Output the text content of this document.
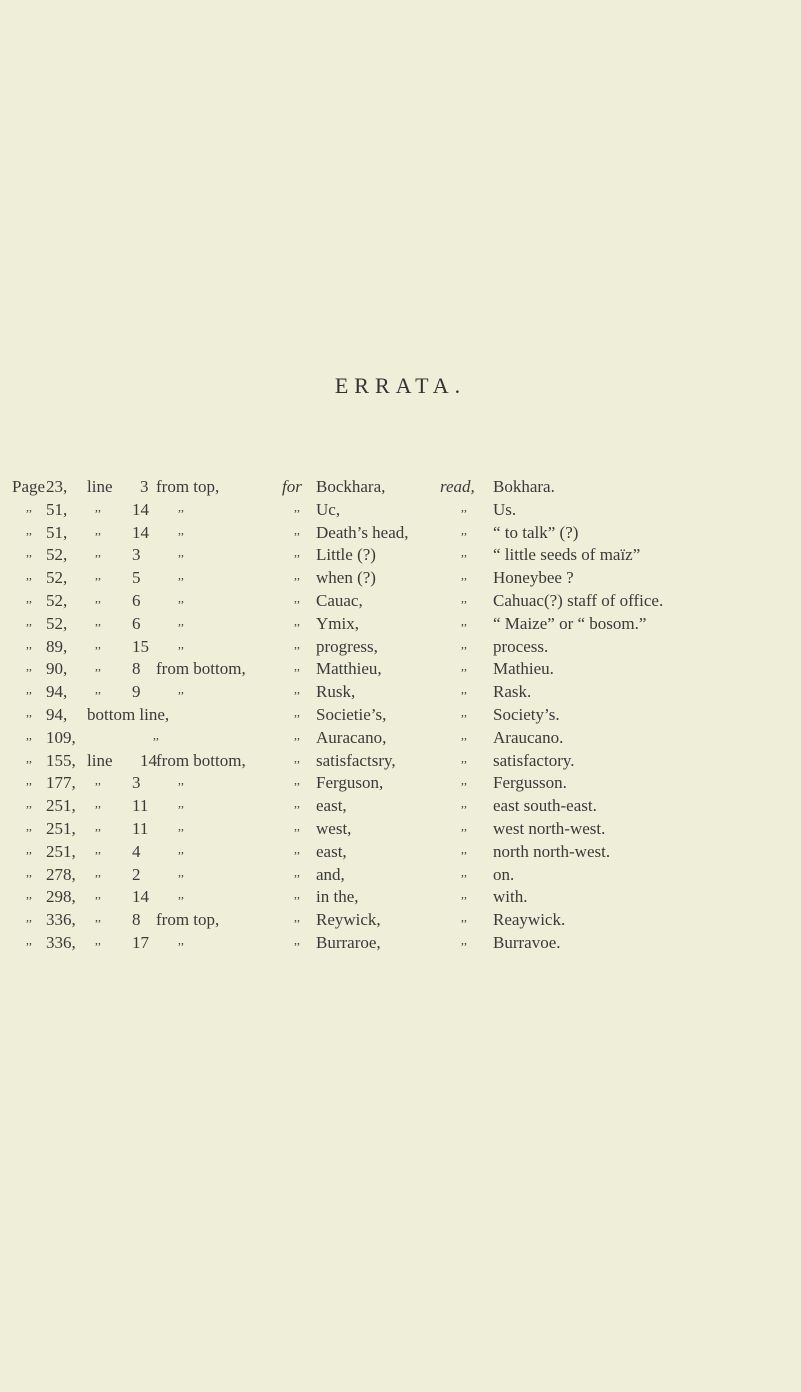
ERRATA.
Page 23, line 3 from top,	for Bockhara,	read, Bokhara.
,, 51, ,, 14 ,,	,, Uc,	,, Us.
,, 51, ,, 14 ,,	,, Death’s head,	,, “ to talk” (?)
,, 52, ,, 3	,,	,, Little (?)	,, “ little seeds of maïz”
,, 52, ,, 5	,,	,, when (?)	,, Honeybee ?
,, 52, ,, 6	,,	,, Cauac,	,, Cahuac(?) staff of office.
,, 52, ,, 6	,,	,, Ymix,	,, “ Maize” or “ bosom.”
,, 89, ,, 15 ,,	,, progress,	,, process.
,, 90, ,, 8 from bottom,	,, Matthieu,	,, Mathieu.
,, 94, ,, 9	,,	,, Rusk,	,, Rask.
,, 94, bottom line,	,, Societie’s,	,, Society’s.
,, 109,	,,	,, Auracano,	,, Araucano.
,, 155, line 14 from bottom,	,, satisfactsry,	,, satisfactory.
,, 177, ,, 3	,,	,, Ferguson,	,, Fergusson.
,, 251, ,, 11 ,,	,, east,	,, east south-east.
,, 251, ,, 11 ,,	,, west,	,, west north-west.
,, 251, ,, 4	,,	,, east,	,, north north-west.
,, 278, ,, 2	,,	,, and,	,, on.
,, 298, ,, 14 ,,	,, in the,	,, with.
,, 336, ,, 8 from top,	,, Reywick,	,, Reaywick.
,, 336, ,, 17 ,,	,, Burraroe,	,, Burravoe.
